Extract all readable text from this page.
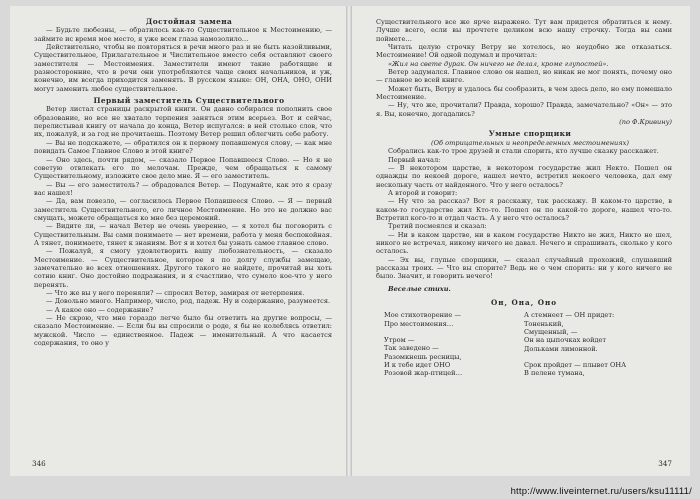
Достойная замена

— Будьте любезны, — обратилось как-то Существительное к Местоимению, — займите ис время мое место, я уже всем глаза намозолило…

Действительно, чтобы не повторяться в речи много раз и не быть назойливыми, Существительное, Прилагательное и Числительное вместо себя оставляют своего заместителя — Местоимения. Заместители имеют такие работящие и разносторонние, что в речи они употребляются чаще своих начальников, и уж, конечно, им всегда приходится заменять. В русском языке: ОН, ОНА, ОНО, ОНИ могут заменить любое существительное.

Первый заместитель Существительного

Ветер листал страницы раскрытой книги. Он давно собирался пополнить свое образование, но все не хватало терпения заняться этим всерьез. Вот и сейчас, перелистывая книгу от начала до конца, Ветер испугался: в ней столько слов, что их, пожалуй, и за год не прочитаешь. Поэтому Ветер решил облегчить себе работу.

— Вы не подскажете, — обратился он к первому попавшемуся слову, — как мне повидать Самое Главное Слово в этой книге?

— Оно здесь, почти рядом, — сказало Первое Попавшееся Слово. — Но я не советую отвлекать его по мелочам. Прежде, чем обращаться к самому Существительному, изложите свое дело мне. Я — его заместитель.

— Вы — его заместитель? — обрадовался Ветер. — Подумайте, как это я сразу вас нашел!

— Да, вам повезло, — согласилось Первое Попавшееся Слово. — Я — первый заместитель Существительного, его личное Местоимение. Но это не должно вас смущать, можете обращаться ко мне без церемоний.

— Видите ли, — начал Ветер не очень уверенно, — я хотел бы поговорить с Существительным. Вы сами понимаете — нет времени, работа у меня беспокойная. А тянет, понимаете, тянет к знаниям. Вот я и хотел бы узнать самое главное слово.

— Пожалуй, я смогу удовлетворить вашу любознательность, — сказало Местоимение. — Существительное, которое я по долгу службы замещаю, замечательно во всех отношениях. Другого такого не найдете, прочитай вы хоть сотню книг. Оно достойно подражания, и я счастливо, что сумело кое-что у него перенять.

— Что же вы у него переняли? — спросил Ветер, замирая от нетерпения.

— Довольно много. Например, число, род, падеж. Ну и содержание, разумеется.

— А какое оно — содержание?

— Не скрою, что мне гораздо легче было бы ответить на другие вопросы, — сказало Местоимение. — Если бы вы спросили о роде, я бы не колеблясь ответил: мужской. Число — единственное. Падеж — именительный. А что касается содержания, то оно у

346

Существительного все же ярче выражено. Тут вам придется обратиться к нему. Лучше всего, если вы прочтете целиком всю нашу строчку. Тогда вы сами поймете…

Читать целую строчку Ветру не хотелось, но неудобно же отказаться. Местоимение! Ой одной подумал и прочитал:

«Жил на свете дурак. Он ничего не делал, кроме глупостей».

Ветер задумался. Главное слово он нашел, но никак не мог понять, почему оно — главное во всей книге.

Может быть, Ветру и удалось бы сообразить, в чем здесь дело, но ему помешало Местоимение.

— Ну, что же, прочитали? Правда, хорошо? Правда, замечательно? «Он» — это я. Вы, конечно, догадались?

(по Ф.Кривину)

Умные спорщики

(Об отрицательных и неопределенных местоимениях)

Собрались как-то трое друзей и стали спорить, кто лучше сказку расскажет.

Первый начал:

— В некотором царстве, в некотором государстве жил Некто. Пошел он однажды по некоей дороге, нашел нечто, встретил некоего человека, дал ему нескольку часть от найденного. Что у него осталось?

А второй и говорит:

— Ну что за рассказ? Вот я расскажу, так расскажу. В каком-то царстве, в каком-то государстве жил Кто-то. Пошел он по какой-то дороге, нашел что-то. Встретил кого-то и отдал часть. А у него что осталось?

Третий посмеялся и сказал:

— Ни в каком царстве, ни в каком государстве Никто не жил, Никто не шел, никого не встречал, никому ничего не давал. Нечего и спрашивать, сколько у кого осталось.

— Эх вы, глупые спорщики, — сказал случайный прохожий, слушавший рассказы троих. — Что вы спорите? Ведь не о чем спорить: ни у кого ничего не было. Значит, и говорить нечего!

Веселые стихи.

Он, Она, Оно
Мое стихотворение —
Про местоимения…
Утром —
Так заведено —
Разомкнешь ресницы,
И к тебе идет ОНО
Розовой жар-птицей…
А стемнеет — ОН придет:
Тоненький,
Смущенный, —
Он на цыпочках войдет
Дольками лимонной.
Срок пройдет — плывет ОНА
В пелене тумана,
347
http://www.liveinternet.ru/users/ksu11111/
